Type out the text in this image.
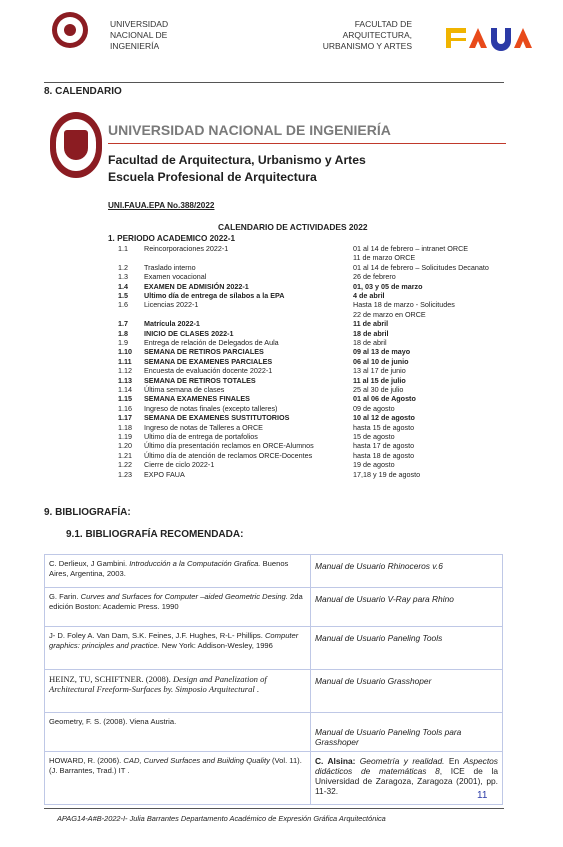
UNIVERSIDAD
NACIONAL DE
INGENIERÍA
FACULTAD DE
ARQUITECTURA,
URBANISMO Y ARTES
8. CALENDARIO
UNIVERSIDAD NACIONAL DE INGENIERÍA
Facultad de Arquitectura, Urbanismo y Artes
Escuela Profesional de Arquitectura
UNI.FAUA.EPA No.388/2022
CALENDARIO DE ACTIVIDADES 2022
1. PERIODO ACADEMICO 2022-1
1.1 Reincorporaciones 2022-1	01 al 14 de febrero – intranet ORCE
11 de marzo ORCE
1.2 Traslado interno	01 al 14 de febrero – Solicitudes Decanato
1.3 Examen vocacional	26 de febrero
1.4 EXAMEN DE ADMISIÓN 2022-1	01, 03 y 05 de marzo
1.5 Ultimo día de entrega de sílabos a la EPA	4 de abril
1.6 Licencias 2022-1	Hasta 18 de marzo - Solicitudes
22 de marzo en ORCE
1.7 Matrícula 2022-1	11 de abril
1.8 INICIO DE CLASES 2022-1	18 de abril
1.9 Entrega de relación de Delegados de Aula	18 de abril
1.10 SEMANA DE RETIROS PARCIALES	09 al 13 de mayo
1.11 SEMANA DE EXAMENES PARCIALES	06 al 10 de junio
1.12 Encuesta de evaluación docente 2022-1	13 al 17 de junio
1.13 SEMANA DE RETIROS TOTALES	11 al 15 de julio
1.14 Última semana de clases	25 al 30 de julio
1.15 SEMANA EXAMENES FINALES	01 al 06 de Agosto
1.16 Ingreso de notas finales (excepto talleres)	09 de agosto
1.17 SEMANA DE EXAMENES SUSTITUTORIOS	10 al 12 de agosto
1.18 Ingreso de notas de Talleres a ORCE	hasta 15 de agosto
1.19 Ultimo día de entrega de portafolios	15 de agosto
1.20 Último día presentación reclamos en ORCE-Alumnos	hasta 17 de agosto
1.21 Último día de atención de reclamos ORCE-Docentes	hasta 18 de agosto
1.22 Cierre de ciclo 2022-1	19 de agosto
1.23 EXPO FAUA	17,18 y 19 de agosto
9. BIBLIOGRAFÍA:
9.1. BIBLIOGRAFÍA RECOMENDADA:
C. Derlieux, J Gambini. Introducción a la Computación Grafica. Buenos Aires, Argentina, 2003.	Manual de Usuario Rhinoceros v.6
G. Farin. Curves and Surfaces for Computer –aided Geometric Desing. 2da edición Boston: Academic Press. 1990	Manual de Usuario V-Ray para Rhino
J- D. Foley A. Van Dam, S.K. Feines, J.F. Hughes, R-L- Phillips. Computer graphics: principles and practice. New York: Addison-Wesley, 1996	Manual de Usuario Paneling Tools
HEINZ, TU, SCHIFTNER. (2008). Design and Panelization of Architectural Freeform-Surfaces by. Simposio Arquitectural .	Manual de Usuario Grasshoper
Geometry, F. S. (2008). Viena Austria.	Manual de Usuario Paneling Tools para Grasshoper
HOWARD, R. (2006). CAD, Curved Surfaces and Building Quality (Vol. 11). (J. Barrantes, Trad.) IT .	C. Alsina: Geometría y realidad. En Aspectos didácticos de matemáticas 8, ICE de la Universidad de Zaragoza, Zaragoza (2001), pp. 11-32.	11
APAG14-A#B-2022-I- Julia Barrantes Departamento Académico de Expresión Gráfica Arquitectónica
